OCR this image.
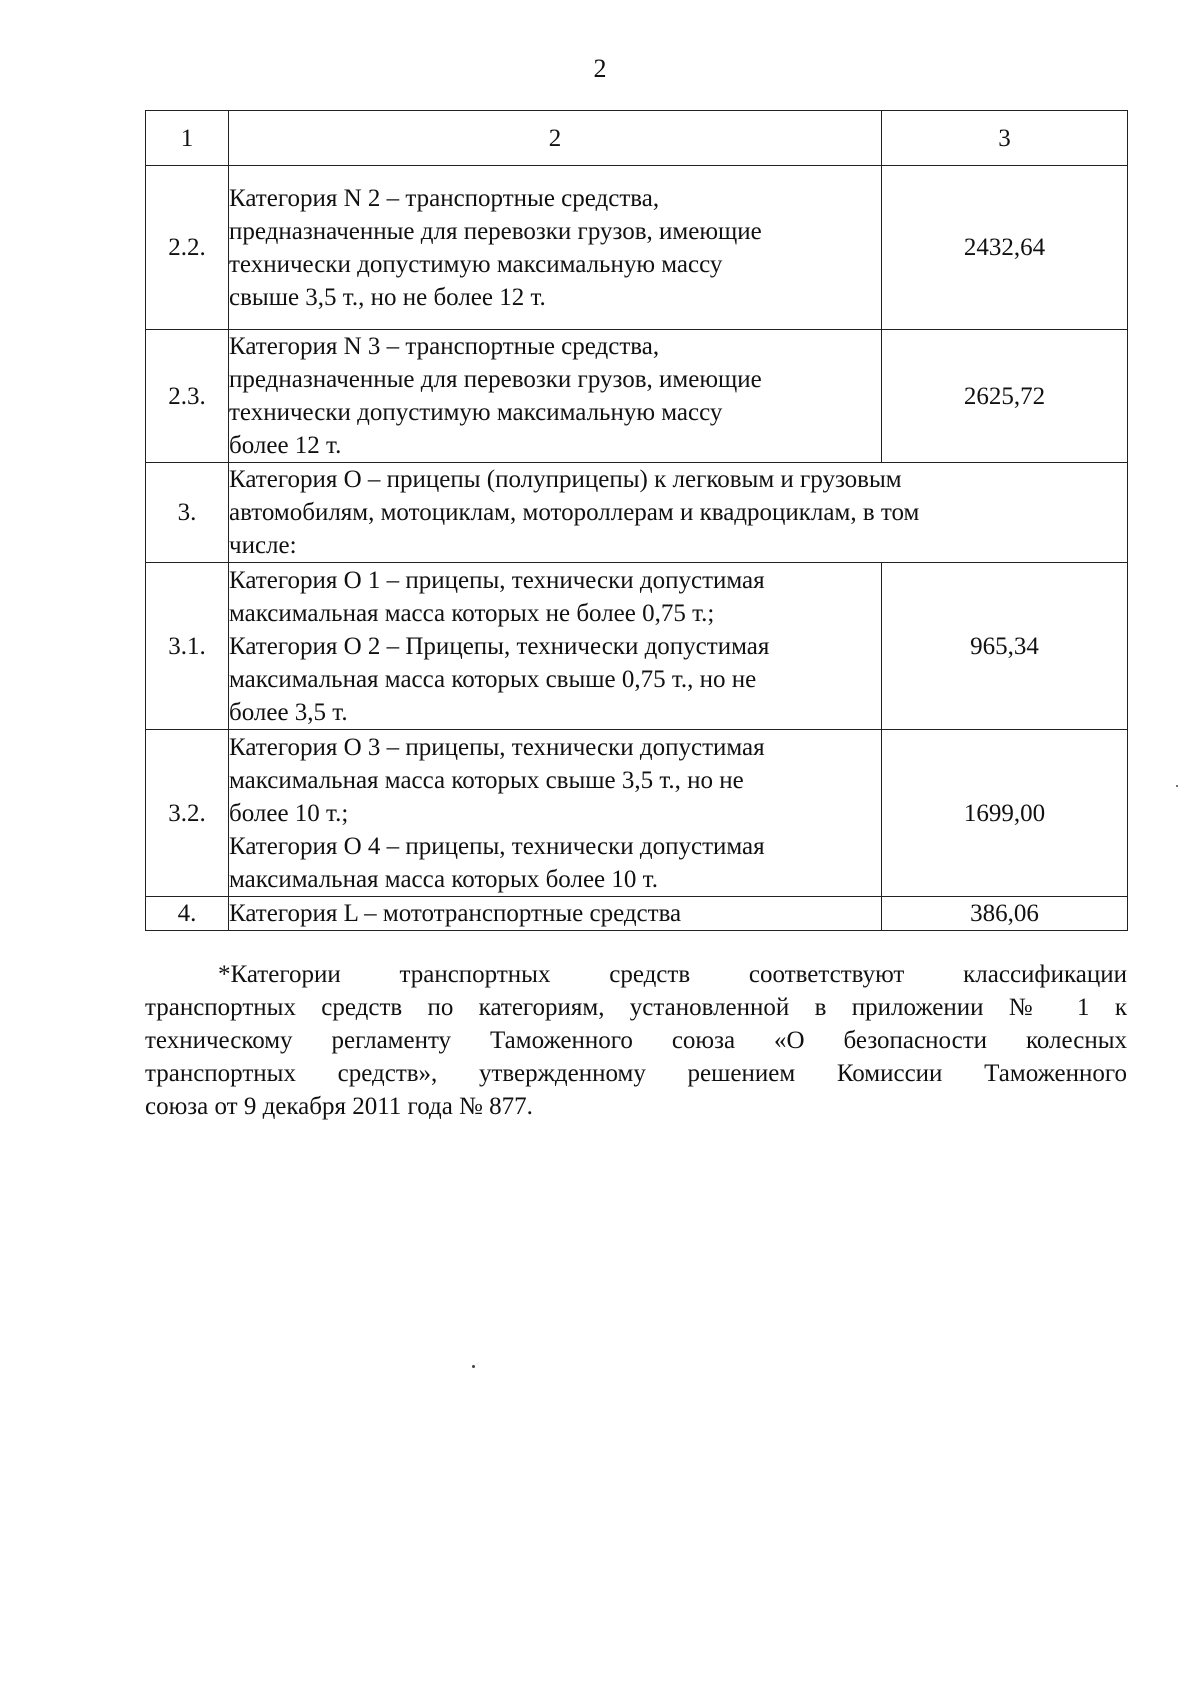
2
1	2	3
2.2.	Категория N 2 – транспортные средства,
предназначенные для перевозки грузов, имеющие
технически допустимую максимальную массу
свыше 3,5 т., но не более 12 т.	2432,64
2.3.	Категория N 3 – транспортные средства,
предназначенные для перевозки грузов, имеющие
технически допустимую максимальную массу
более 12 т.	2625,72
3.	Категория О – прицепы (полуприцепы) к легковым и грузовым
автомобилям, мотоциклам, мотороллерам и квадроциклам, в том
числе:	

3.1.	Категория О 1 – прицепы, технически допустимая
максимальная масса которых не более 0,75 т.;
Категория О 2 – Прицепы, технически допустимая
максимальная масса которых свыше 0,75 т., но не
более 3,5 т.	965,34
3.2.	Категория О 3 – прицепы, технически допустимая
максимальная масса которых свыше 3,5 т., но не
более 10 т.;
Категория О 4 – прицепы, технически допустимая
максимальная масса которых более 10 т.	1699,00
4.	Категория L – мототранспортные средства	386,06
*Категории транспортных средств соответствуют классификации
транспортных средств по категориям, установленной в приложении № 1 к
техническому регламенту Таможенного союза «О безопасности колесных
транспортных средств», утвержденному решением Комиссии Таможенного
союза от 9 декабря 2011 года № 877.
